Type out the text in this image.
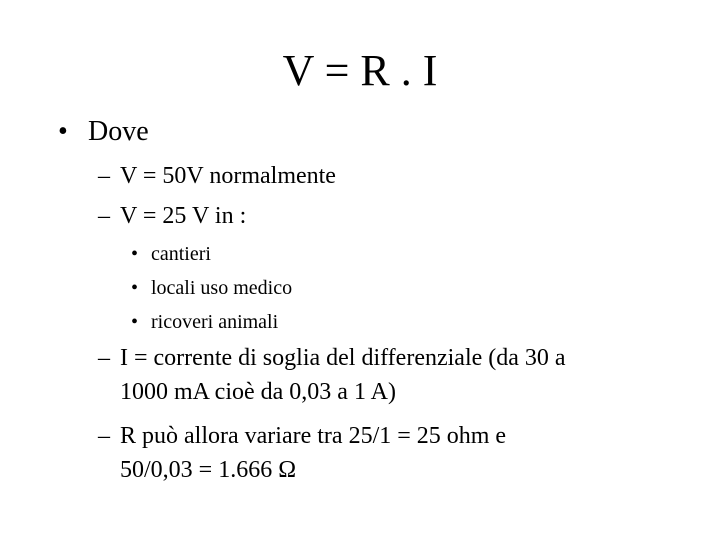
V = R . I
• Dove
– V = 50V normalmente
– V = 25 V in :
• cantieri
• locali uso medico
• ricoveri animali
– I = corrente di soglia del differenziale (da 30 a
1000 mA cioè da 0,03 a 1 A)
– R può allora variare tra 25/1 = 25 ohm e
50/0,03 = 1.666 Ω
